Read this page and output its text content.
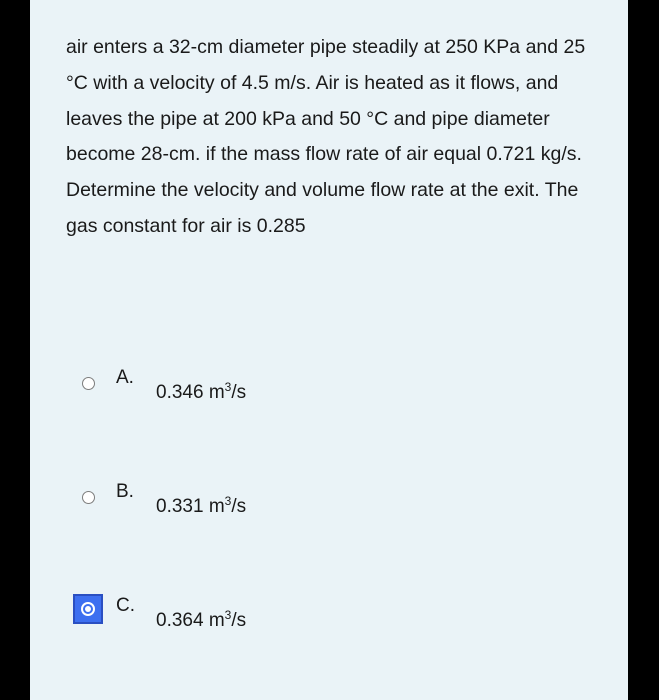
air enters a 32-cm diameter pipe steadily at 250 KPa and 25 °C with a velocity of 4.5 m/s. Air is heated as it flows, and leaves the pipe at 200 kPa and 50 °C and pipe diameter become 28-cm. if the mass flow rate of air equal 0.721 kg/s. Determine the velocity and volume flow rate at the exit. The gas constant for air is 0.285

A.
0.346 $m^3/s$
B.
0.331 $m^3/s$
C.
0.364 $m^3/s$
